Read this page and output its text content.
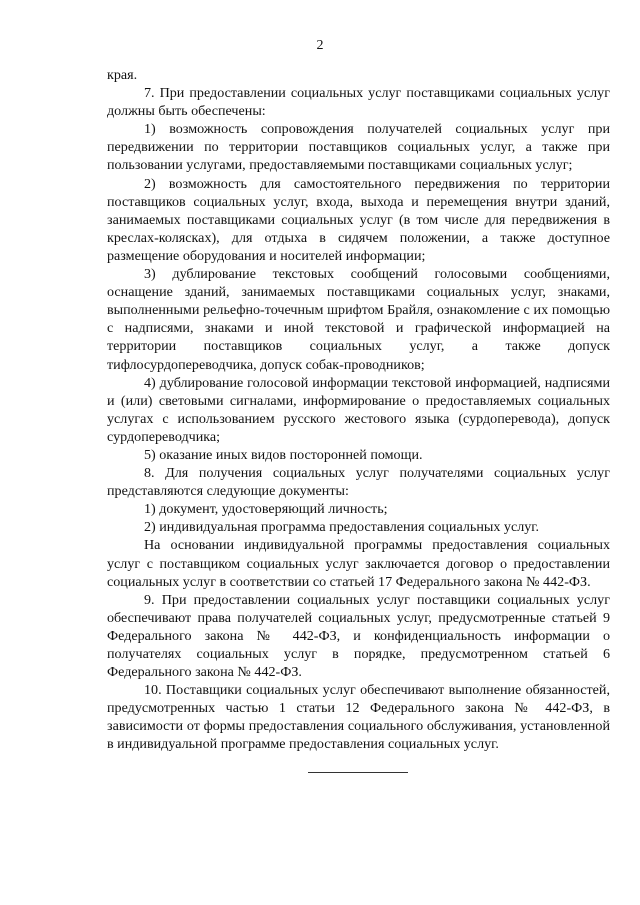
2

края.

7. При предоставлении социальных услуг поставщиками социальных услуг должны быть обеспечены:

1) возможность сопровождения получателей социальных услуг при передвижении по территории поставщиков социальных услуг, а также при пользовании услугами, предоставляемыми поставщиками социальных услуг;

2) возможность для самостоятельного передвижения по территории поставщиков социальных услуг, входа, выхода и перемещения внутри зданий, занимаемых поставщиками социальных услуг (в том числе для передвижения в креслах-колясках), для отдыха в сидячем положении, а также доступное размещение оборудования и носителей информации;

3) дублирование текстовых сообщений голосовыми сообщениями, оснащение зданий, занимаемых поставщиками социальных услуг, знаками, выполненными рельефно-точечным шрифтом Брайля, ознакомление с их помощью с надписями, знаками и иной текстовой и графической информацией на территории поставщиков социальных услуг, а также допуск тифлосурдопереводчика, допуск собак-проводников;

4) дублирование голосовой информации текстовой информацией, надписями и (или) световыми сигналами, информирование о предоставляемых социальных услугах с использованием русского жестового языка (сурдоперевода), допуск сурдопереводчика;

5) оказание иных видов посторонней помощи.

8. Для получения социальных услуг получателями социальных услуг представляются следующие документы:

1) документ, удостоверяющий личность;

2) индивидуальная программа предоставления социальных услуг.

На основании индивидуальной программы предоставления социальных услуг с поставщиком социальных услуг заключается договор о предоставлении социальных услуг в соответствии со статьей 17 Федерального закона № 442-ФЗ.

9. При предоставлении социальных услуг поставщики социальных услуг обеспечивают права получателей социальных услуг, предусмотренные статьей 9 Федерального закона № 442-ФЗ, и конфиденциальность информации о получателях социальных услуг в порядке, предусмотренном статьей 6 Федерального закона № 442-ФЗ.

10. Поставщики социальных услуг обеспечивают выполнение обязанностей, предусмотренных частью 1 статьи 12 Федерального закона № 442-ФЗ, в зависимости от формы предоставления социального обслуживания, установленной в индивидуальной программе предоставления социальных услуг.
